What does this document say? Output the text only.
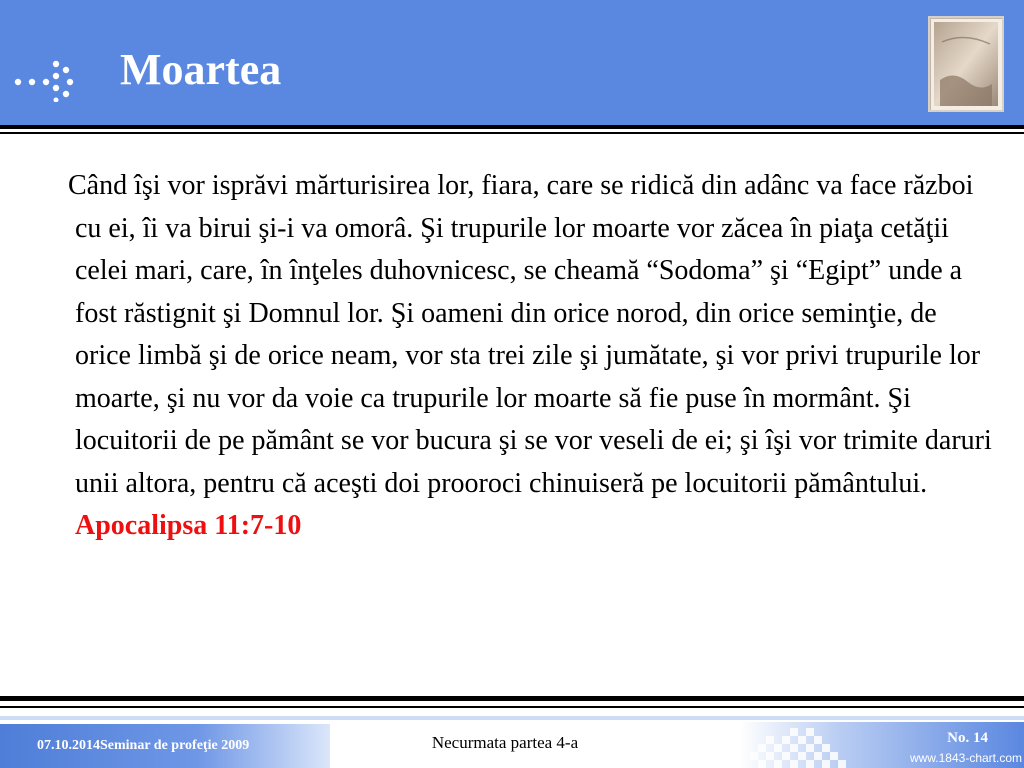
Moartea
Când îşi vor isprăvi mărturisirea lor, fiara, care se ridică din adânc va face război cu ei, îi va birui şi-i va omorâ. Şi trupurile lor moarte vor zăcea în piaţa cetăţii celei mari, care, în înţeles duhovnicesc, se cheamă “Sodoma” şi “Egipt” unde a fost răstignit şi Domnul lor. Şi oameni din orice norod, din orice seminţie, de orice limbă şi de orice neam, vor sta trei zile şi jumătate, şi vor privi trupurile lor moarte, şi nu vor da voie ca trupurile lor moarte să fie puse în mormânt. Şi locuitorii de pe pământ se vor bucura şi se vor veseli de ei; şi îşi vor trimite daruri unii altora, pentru că aceşti doi prooroci chinuiseră pe locuitorii pământului. Apocalipsa 11:7-10
07.10.2014Seminar de profeţie 2009	Necurmata partea 4-a	No. 14
www.1843-chart.com
